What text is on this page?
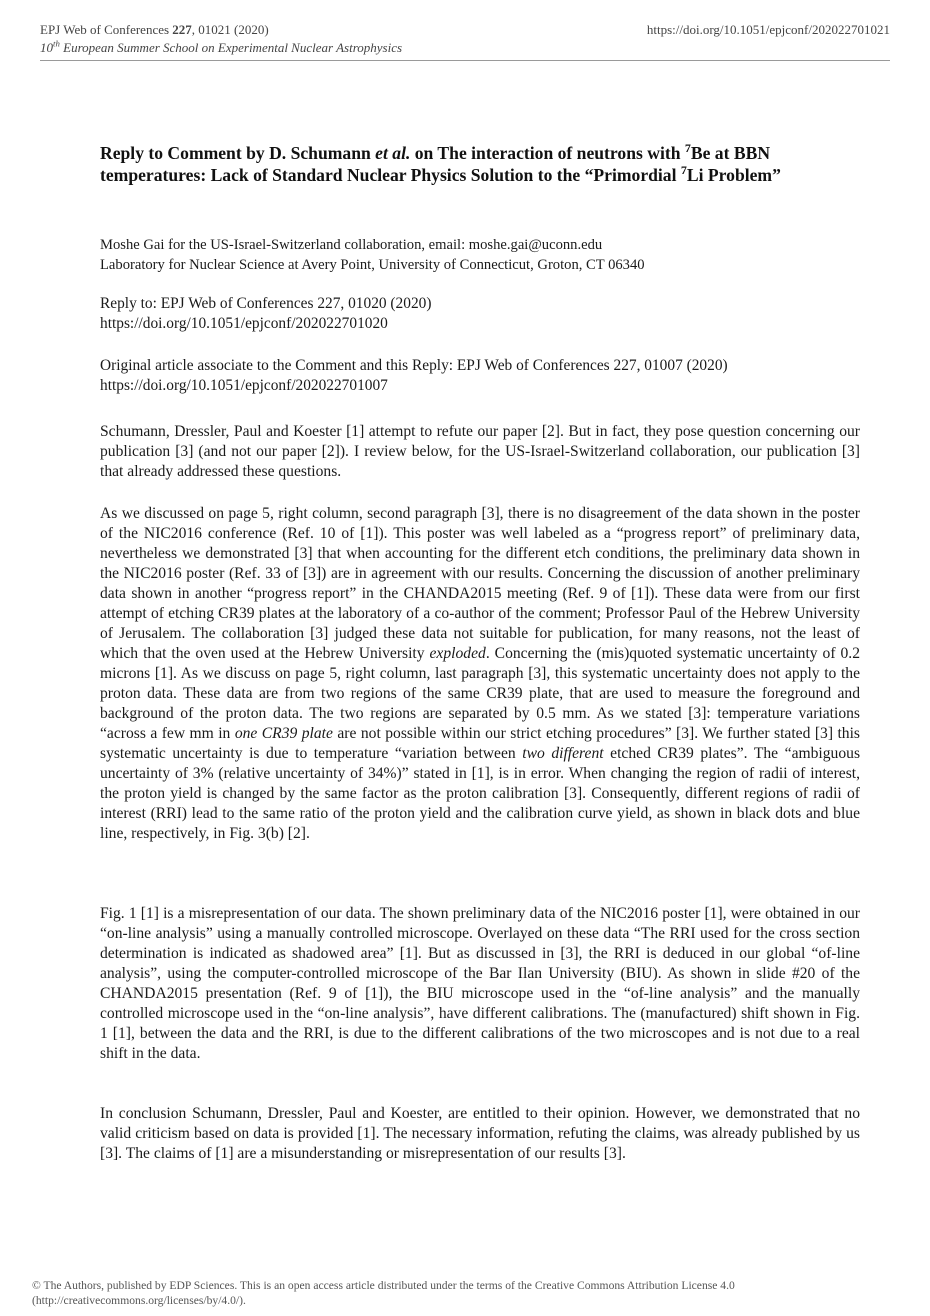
EPJ Web of Conferences 227, 01021 (2020)
10th European Summer School on Experimental Nuclear Astrophysics
https://doi.org/10.1051/epjconf/202022701021
Reply to Comment by D. Schumann et al. on The interaction of neutrons with $^7$Be at BBN temperatures: Lack of Standard Nuclear Physics Solution to the “Primordial $^7$Li Problem”
Moshe Gai for the US-Israel-Switzerland collaboration, email: moshe.gai@uconn.edu
Laboratory for Nuclear Science at Avery Point, University of Connecticut, Groton, CT 06340
Reply to: EPJ Web of Conferences 227, 01020 (2020)
https://doi.org/10.1051/epjconf/202022701020
Original article associate to the Comment and this Reply: EPJ Web of Conferences 227, 01007 (2020)
https://doi.org/10.1051/epjconf/202022701007

Schumann, Dressler, Paul and Koester [1] attempt to refute our paper [2]. But in fact, they pose question concerning our publication [3] (and not our paper [2]). I review below, for the US-Israel-Switzerland collaboration, our publication [3] that already addressed these questions.

As we discussed on page 5, right column, second paragraph [3], there is no disagreement of the data shown in the poster of the NIC2016 conference (Ref. 10 of [1]). This poster was well labeled as a “progress report” of preliminary data, nevertheless we demonstrated [3] that when accounting for the different etch conditions, the preliminary data shown in the NIC2016 poster (Ref. 33 of [3]) are in agreement with our results. Concerning the discussion of another preliminary data shown in another “progress report” in the CHANDA2015 meeting (Ref. 9 of [1]). These data were from our first attempt of etching CR39 plates at the laboratory of a co-author of the comment; Professor Paul of the Hebrew University of Jerusalem. The collaboration [3] judged these data not suitable for publication, for many reasons, not the least of which that the oven used at the Hebrew University exploded. Concerning the (mis)quoted systematic uncertainty of 0.2 microns [1]. As we discuss on page 5, right column, last paragraph [3], this systematic uncertainty does not apply to the proton data. These data are from two regions of the same CR39 plate, that are used to measure the foreground and background of the proton data. The two regions are separated by 0.5 mm. As we stated [3]: temperature variations “across a few mm in one CR39 plate are not possible within our strict etching procedures” [3]. We further stated [3] this systematic uncertainty is due to temperature “variation between two different etched CR39 plates”. The “ambiguous uncertainty of 3% (relative uncertainty of 34%)” stated in [1], is in error. When changing the region of radii of interest, the proton yield is changed by the same factor as the proton calibration [3]. Consequently, different regions of radii of interest (RRI) lead to the same ratio of the proton yield and the calibration curve yield, as shown in black dots and blue line, respectively, in Fig. 3(b) [2].

Fig. 1 [1] is a misrepresentation of our data. The shown preliminary data of the NIC2016 poster [1], were obtained in our “on-line analysis” using a manually controlled microscope. Overlayed on these data “The RRI used for the cross section determination is indicated as shadowed area” [1]. But as discussed in [3], the RRI is deduced in our global “of-line analysis”, using the computer-controlled microscope of the Bar Ilan University (BIU). As shown in slide #20 of the CHANDA2015 presentation (Ref. 9 of [1]), the BIU microscope used in the “of-line analysis” and the manually controlled microscope used in the “on-line analysis”, have different calibrations. The (manufactured) shift shown in Fig. 1 [1], between the data and the RRI, is due to the different calibrations of the two microscopes and is not due to a real shift in the data.

In conclusion Schumann, Dressler, Paul and Koester, are entitled to their opinion. However, we demonstrated that no valid criticism based on data is provided [1]. The necessary information, refuting the claims, was already published by us [3]. The claims of [1] are a misunderstanding or misrepresentation of our results [3].

© The Authors, published by EDP Sciences. This is an open access article distributed under the terms of the Creative Commons Attribution License 4.0
(http://creativecommons.org/licenses/by/4.0/).
